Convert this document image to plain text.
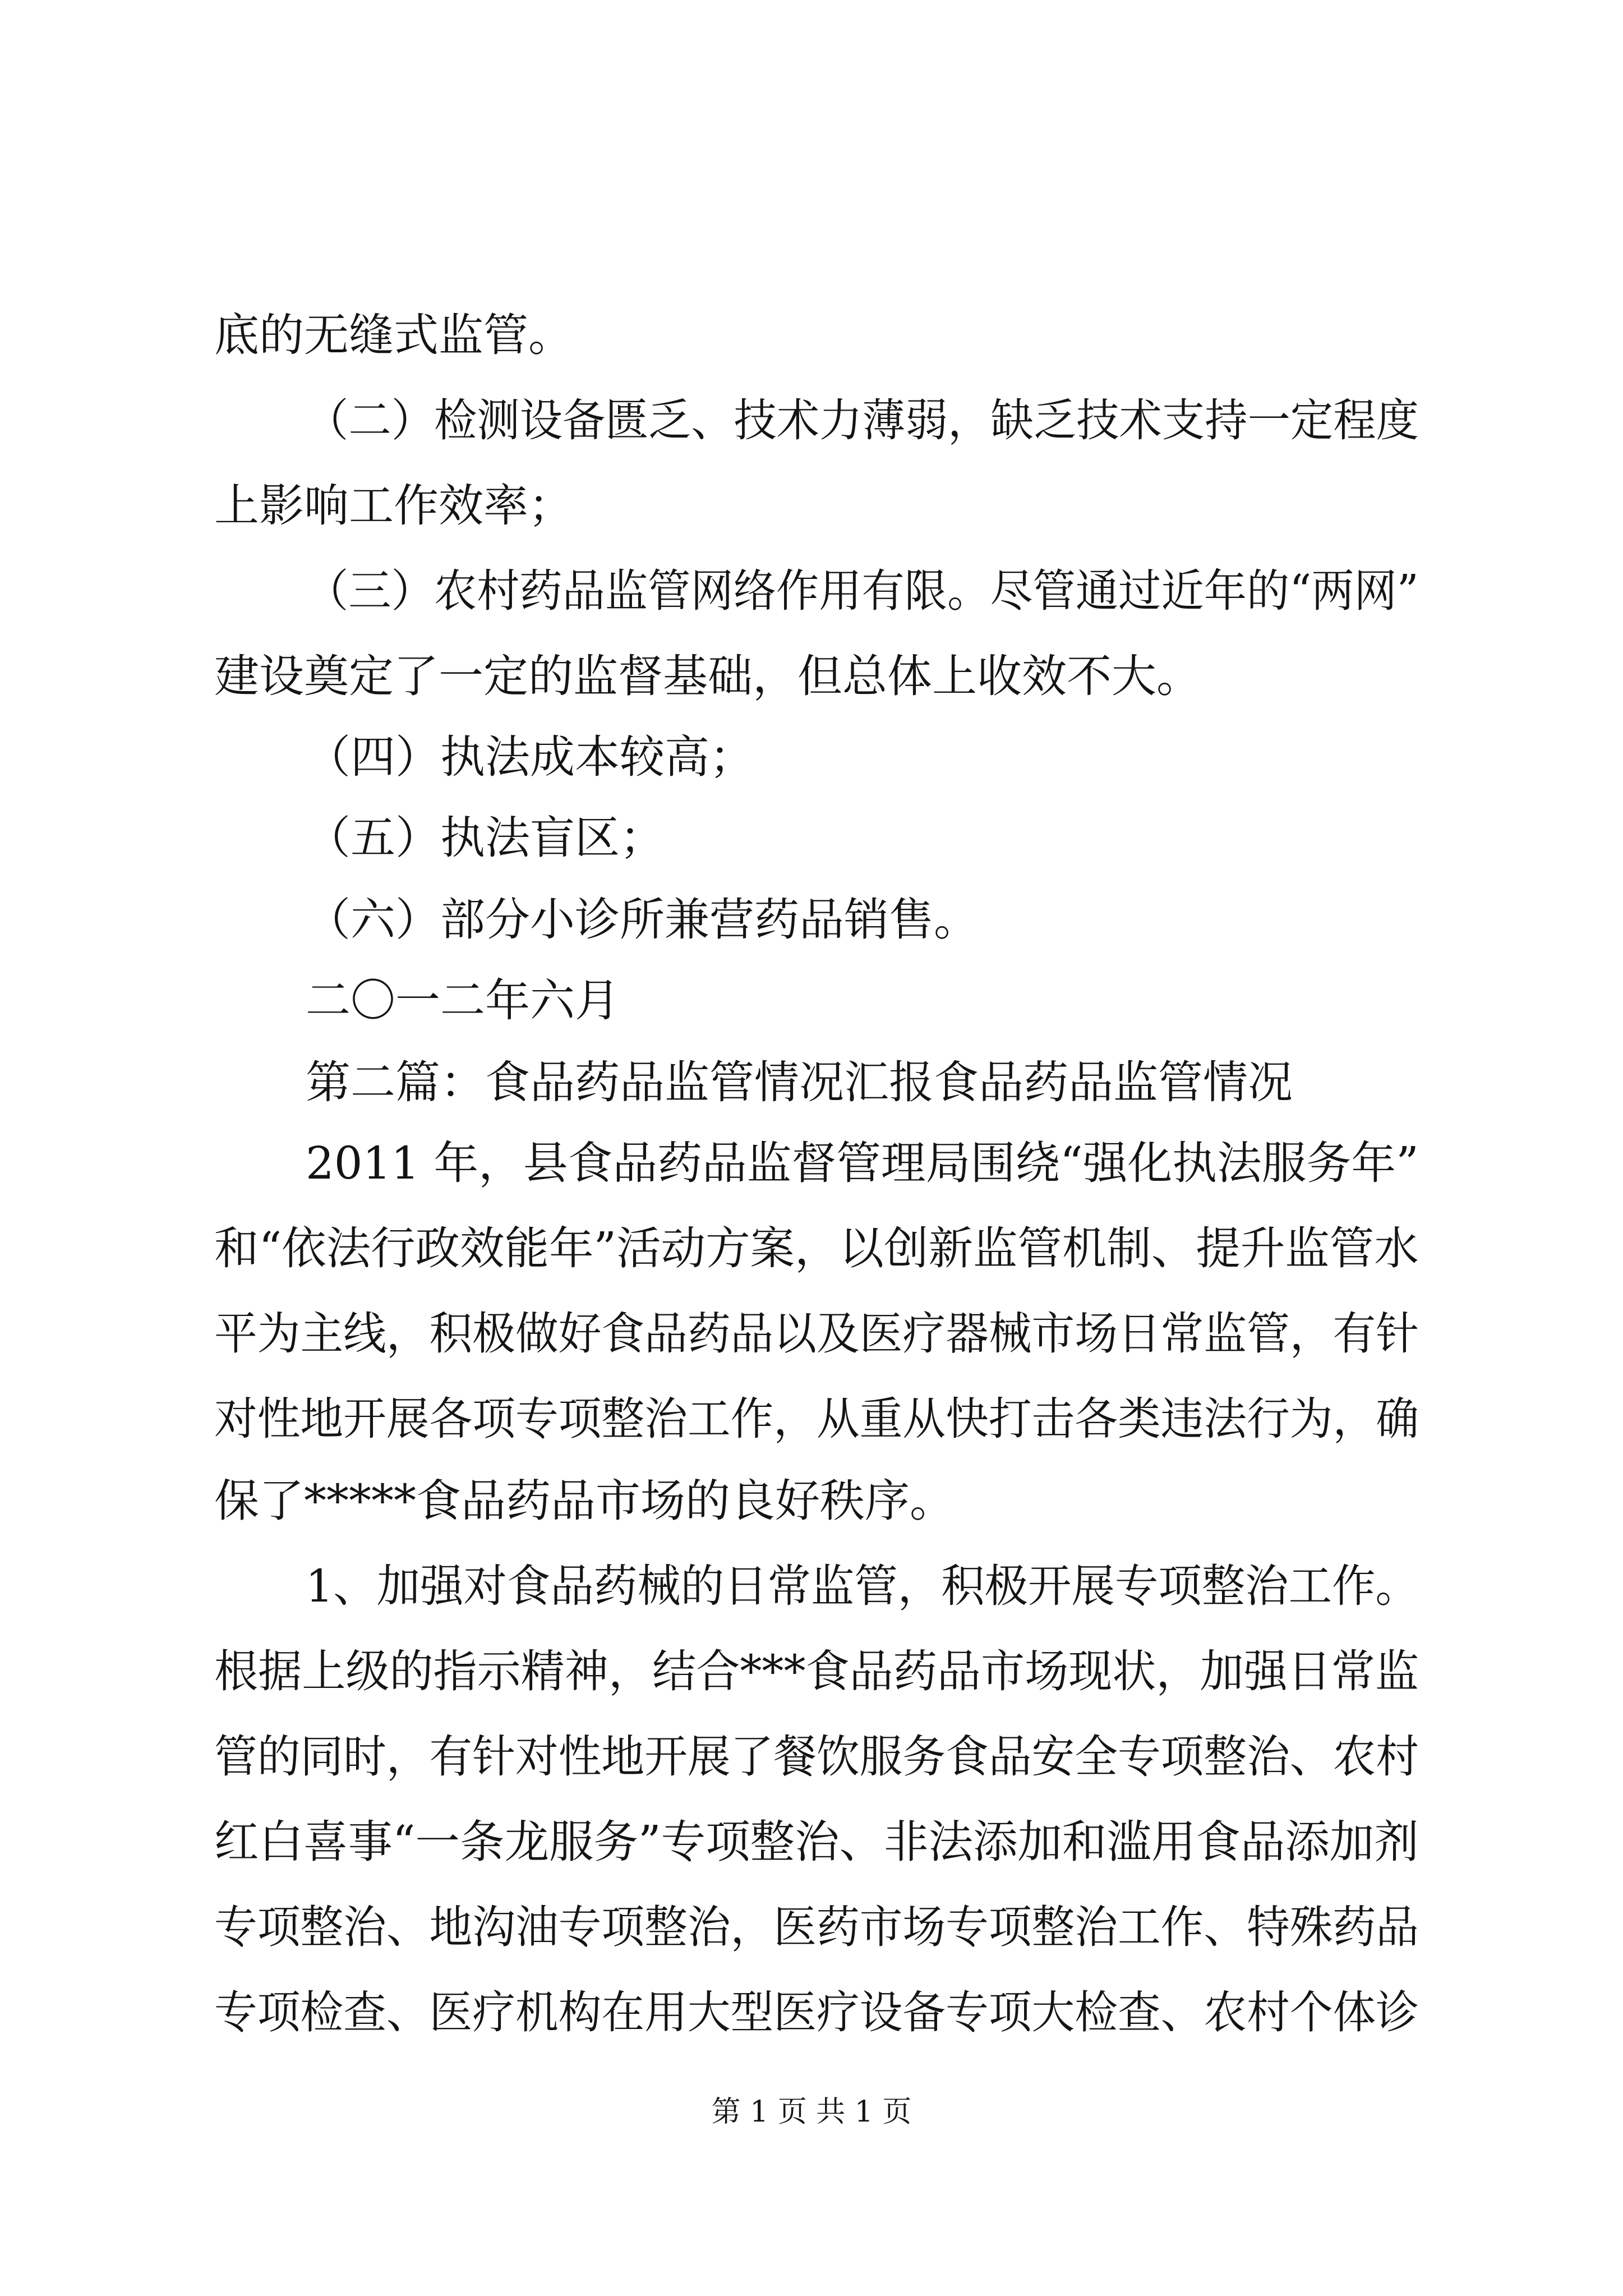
底的无缝式监管。
（二）检测设备匮乏、技术力薄弱，缺乏技术支持一定程度
上影响工作效率；
（三）农村药品监管网络作用有限。尽管通过近年的“两网”
建设奠定了一定的监督基础，但总体上收效不大。
（四）执法成本较高；
（五）执法盲区；
（六）部分小诊所兼营药品销售。
二〇一二年六月
第二篇：食品药品监管情况汇报食品药品监管情况
2011 年，县食品药品监督管理局围绕“强化执法服务年”
和“依法行政效能年”活动方案，以创新监管机制、提升监管水
平为主线，积极做好食品药品以及医疗器械市场日常监管，有针
对性地开展各项专项整治工作，从重从快打击各类违法行为，确
保了*****食品药品市场的良好秩序。
1、加强对食品药械的日常监管，积极开展专项整治工作。
根据上级的指示精神，结合***食品药品市场现状，加强日常监
管的同时，有针对性地开展了餐饮服务食品安全专项整治、农村
红白喜事“一条龙服务”专项整治、非法添加和滥用食品添加剂
专项整治、地沟油专项整治，医药市场专项整治工作、特殊药品
专项检查、医疗机构在用大型医疗设备专项大检查、农村个体诊
第 1 页 共 1 页
